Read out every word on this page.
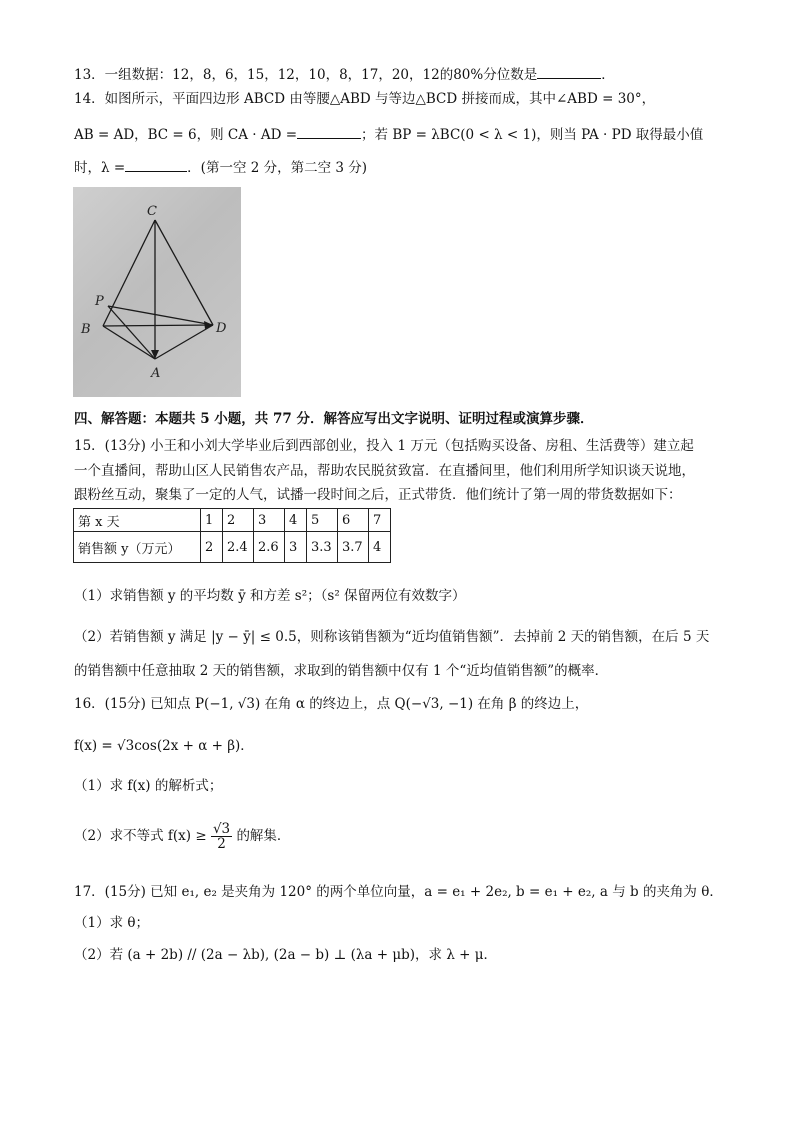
13．一组数据：12，8，6，15，12，10，8，17，20，12的80%分位数是	．
14．如图所示，平面四边形 ABCD 由等腰△ABD 与等边△BCD 拼接而成，其中∠ABD = 30°，
AB = AD，BC = 6，则 CA · AD =	；若 BP = λBC(0 < λ < 1)，则当 PA · PD 取得最小值
时，λ =	．(第一空 2 分，第二空 3 分)
C
P
B	D
A
四、解答题：本题共 5 小题，共 77 分．解答应写出文字说明、证明过程或演算步骤．
15．(13分) 小王和小刘大学毕业后到西部创业，投入 1 万元（包括购买设备、房租、生活费等）建立起
一个直播间，帮助山区人民销售农产品，帮助农民脱贫致富．在直播间里，他们利用所学知识谈天说地，
跟粉丝互动，聚集了一定的人气，试播一段时间之后，正式带货．他们统计了第一周的带货数据如下：
第 x 天	1	2	3	4	5	6	7
销售额 y（万元）	2	2.4	2.6	3	3.3	3.7	4
（1）求销售额 y 的平均数 ȳ 和方差 s²；（s² 保留两位有效数字）
（2）若销售额 y 满足 |y − ȳ| ≤ 0.5，则称该销售额为“近均值销售额”．去掉前 2 天的销售额，在后 5 天
的销售额中任意抽取 2 天的销售额，求取到的销售额中仅有 1 个“近均值销售额”的概率．
16．(15分) 已知点 P(−1, √3) 在角 α 的终边上，点 Q(−√3, −1) 在角 β 的终边上，
f(x) = √3cos(2x + α + β)．
（1）求 f(x) 的解析式；
（2）求不等式 $f(x) \ge \frac{√3}{2}$ 的解集．
17．(15分) 已知 e₁, e₂ 是夹角为 120° 的两个单位向量，a = e₁ + 2e₂, b = e₁ + e₂, a 与 b 的夹角为 θ．
（1）求 θ；
（2）若 (a + 2b) // (2a − λb), (2a − b) ⊥ (λa + μb)，求 λ + μ．
